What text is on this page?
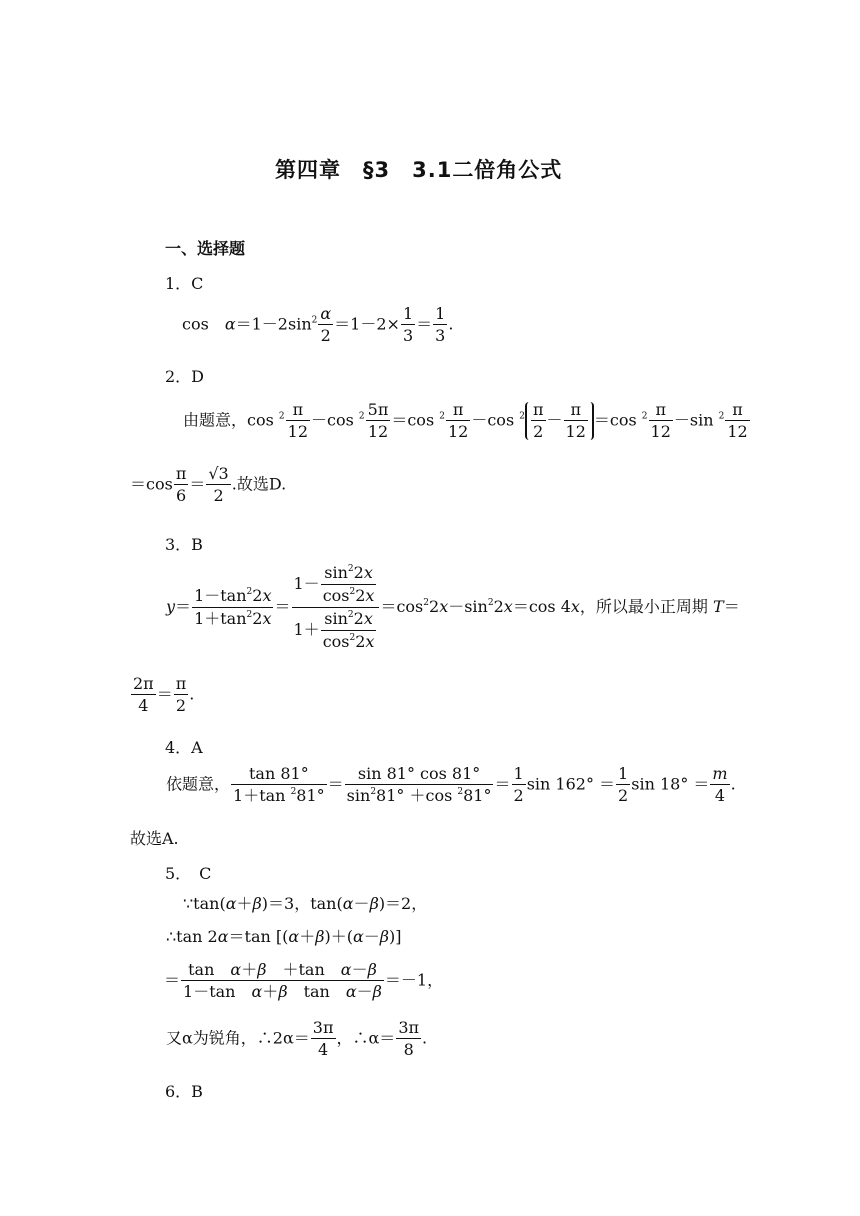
第四章　§3　3.1二倍角公式
一、选择题
1．C
cos　$\alpha=1-2\sin^2 \frac{\alpha}{2} =1-2\times \frac{1}{3} = \frac{1}{3}$ .
2．D
由题意，$\cos ^2 \frac{\pi}{12} -\cos$ $^2 \frac{5\pi}{12} =\cos$ $^2 \frac{\pi}{12} -\cos$ $^2 \frac{\pi}{2} - \frac{\pi}{12} =\cos$ $^2 \frac{\pi}{12} -\sin$ $^2 \frac{\pi}{12}$
$=\cos \frac{\pi}{6} = \frac{√3}{2}$ .故选D.
3．B
$y= \frac{1-\tan^22x}{1+\tan^22x} = \frac{1- \frac{\sin^22x}{\cos^22x}}{1+ \frac{\sin^22x}{\cos^22x}} =\cos^22x-\sin^22x=\cos$ 4x，所以最小正周期 T＝
$\frac{2\pi}{4} = \frac{\pi}{2}$ .
4．A
依题意， $\frac{\tan 81^\circ}{1+\tan ^281^\circ} = \frac{\sin 81^\circ \cos 81^\circ}{\sin^281^\circ +\cos ^281^\circ} = \frac{1}{2}$ $\sin 162^\circ = \frac{1}{2}$ $\sin 18^\circ = \frac{m}{4}$ .
故选A.
5．　C
∵tan(α＋β)＝3，tan(α－β)＝2，
∴tan 2α＝tan [(α＋β)＋(α－β)]
＝ $\frac{\text{tan　α＋β　＋tan　α－β}}{\text{1－tan　α＋β　tan　α－β}} =-1$，
又α为锐角，∴2α＝ $\frac{3\pi}{4}$ ，∴α＝ $\frac{3\pi}{8}$ .
6．B
